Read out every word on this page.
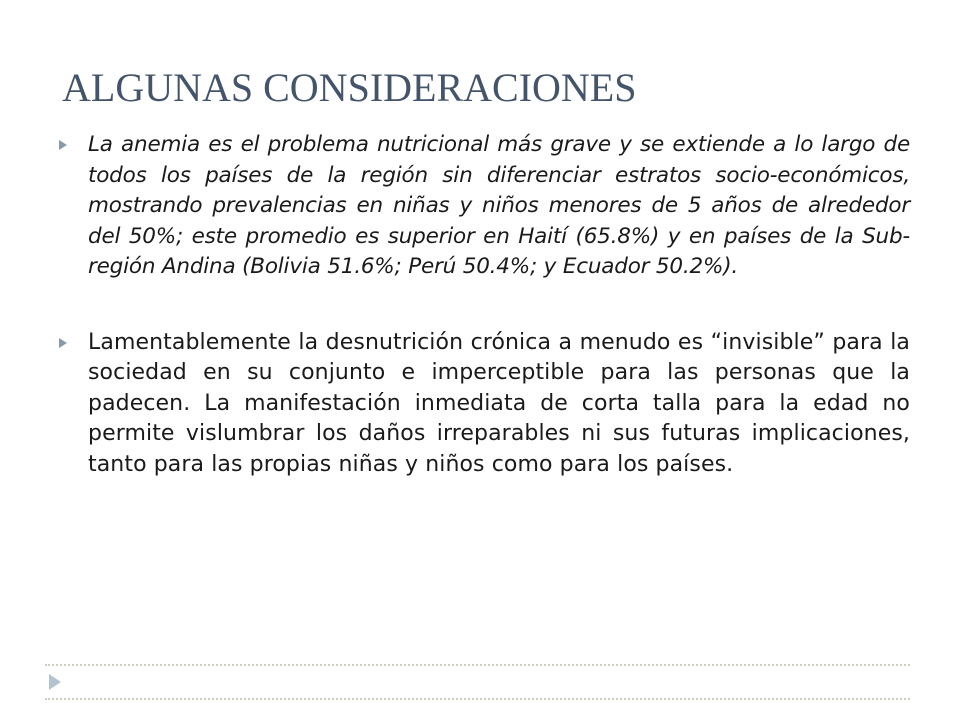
ALGUNAS CONSIDERACIONES
La anemia es el problema nutricional más grave y se extiende a lo largo de todos los países de la región sin diferenciar estratos socio-económicos, mostrando prevalencias en niñas y niños menores de 5 años de alrededor del 50%; este promedio es superior en Haití (65.8%) y en países de la Sub-región Andina (Bolivia 51.6%; Perú 50.4%; y Ecuador 50.2%).
Lamentablemente la desnutrición crónica a menudo es “invisible” para la sociedad en su conjunto e imperceptible para las personas que la padecen. La manifestación inmediata de corta talla para la edad no permite vislumbrar los daños irreparables ni sus futuras implicaciones, tanto para las propias niñas y niños como para los países.
